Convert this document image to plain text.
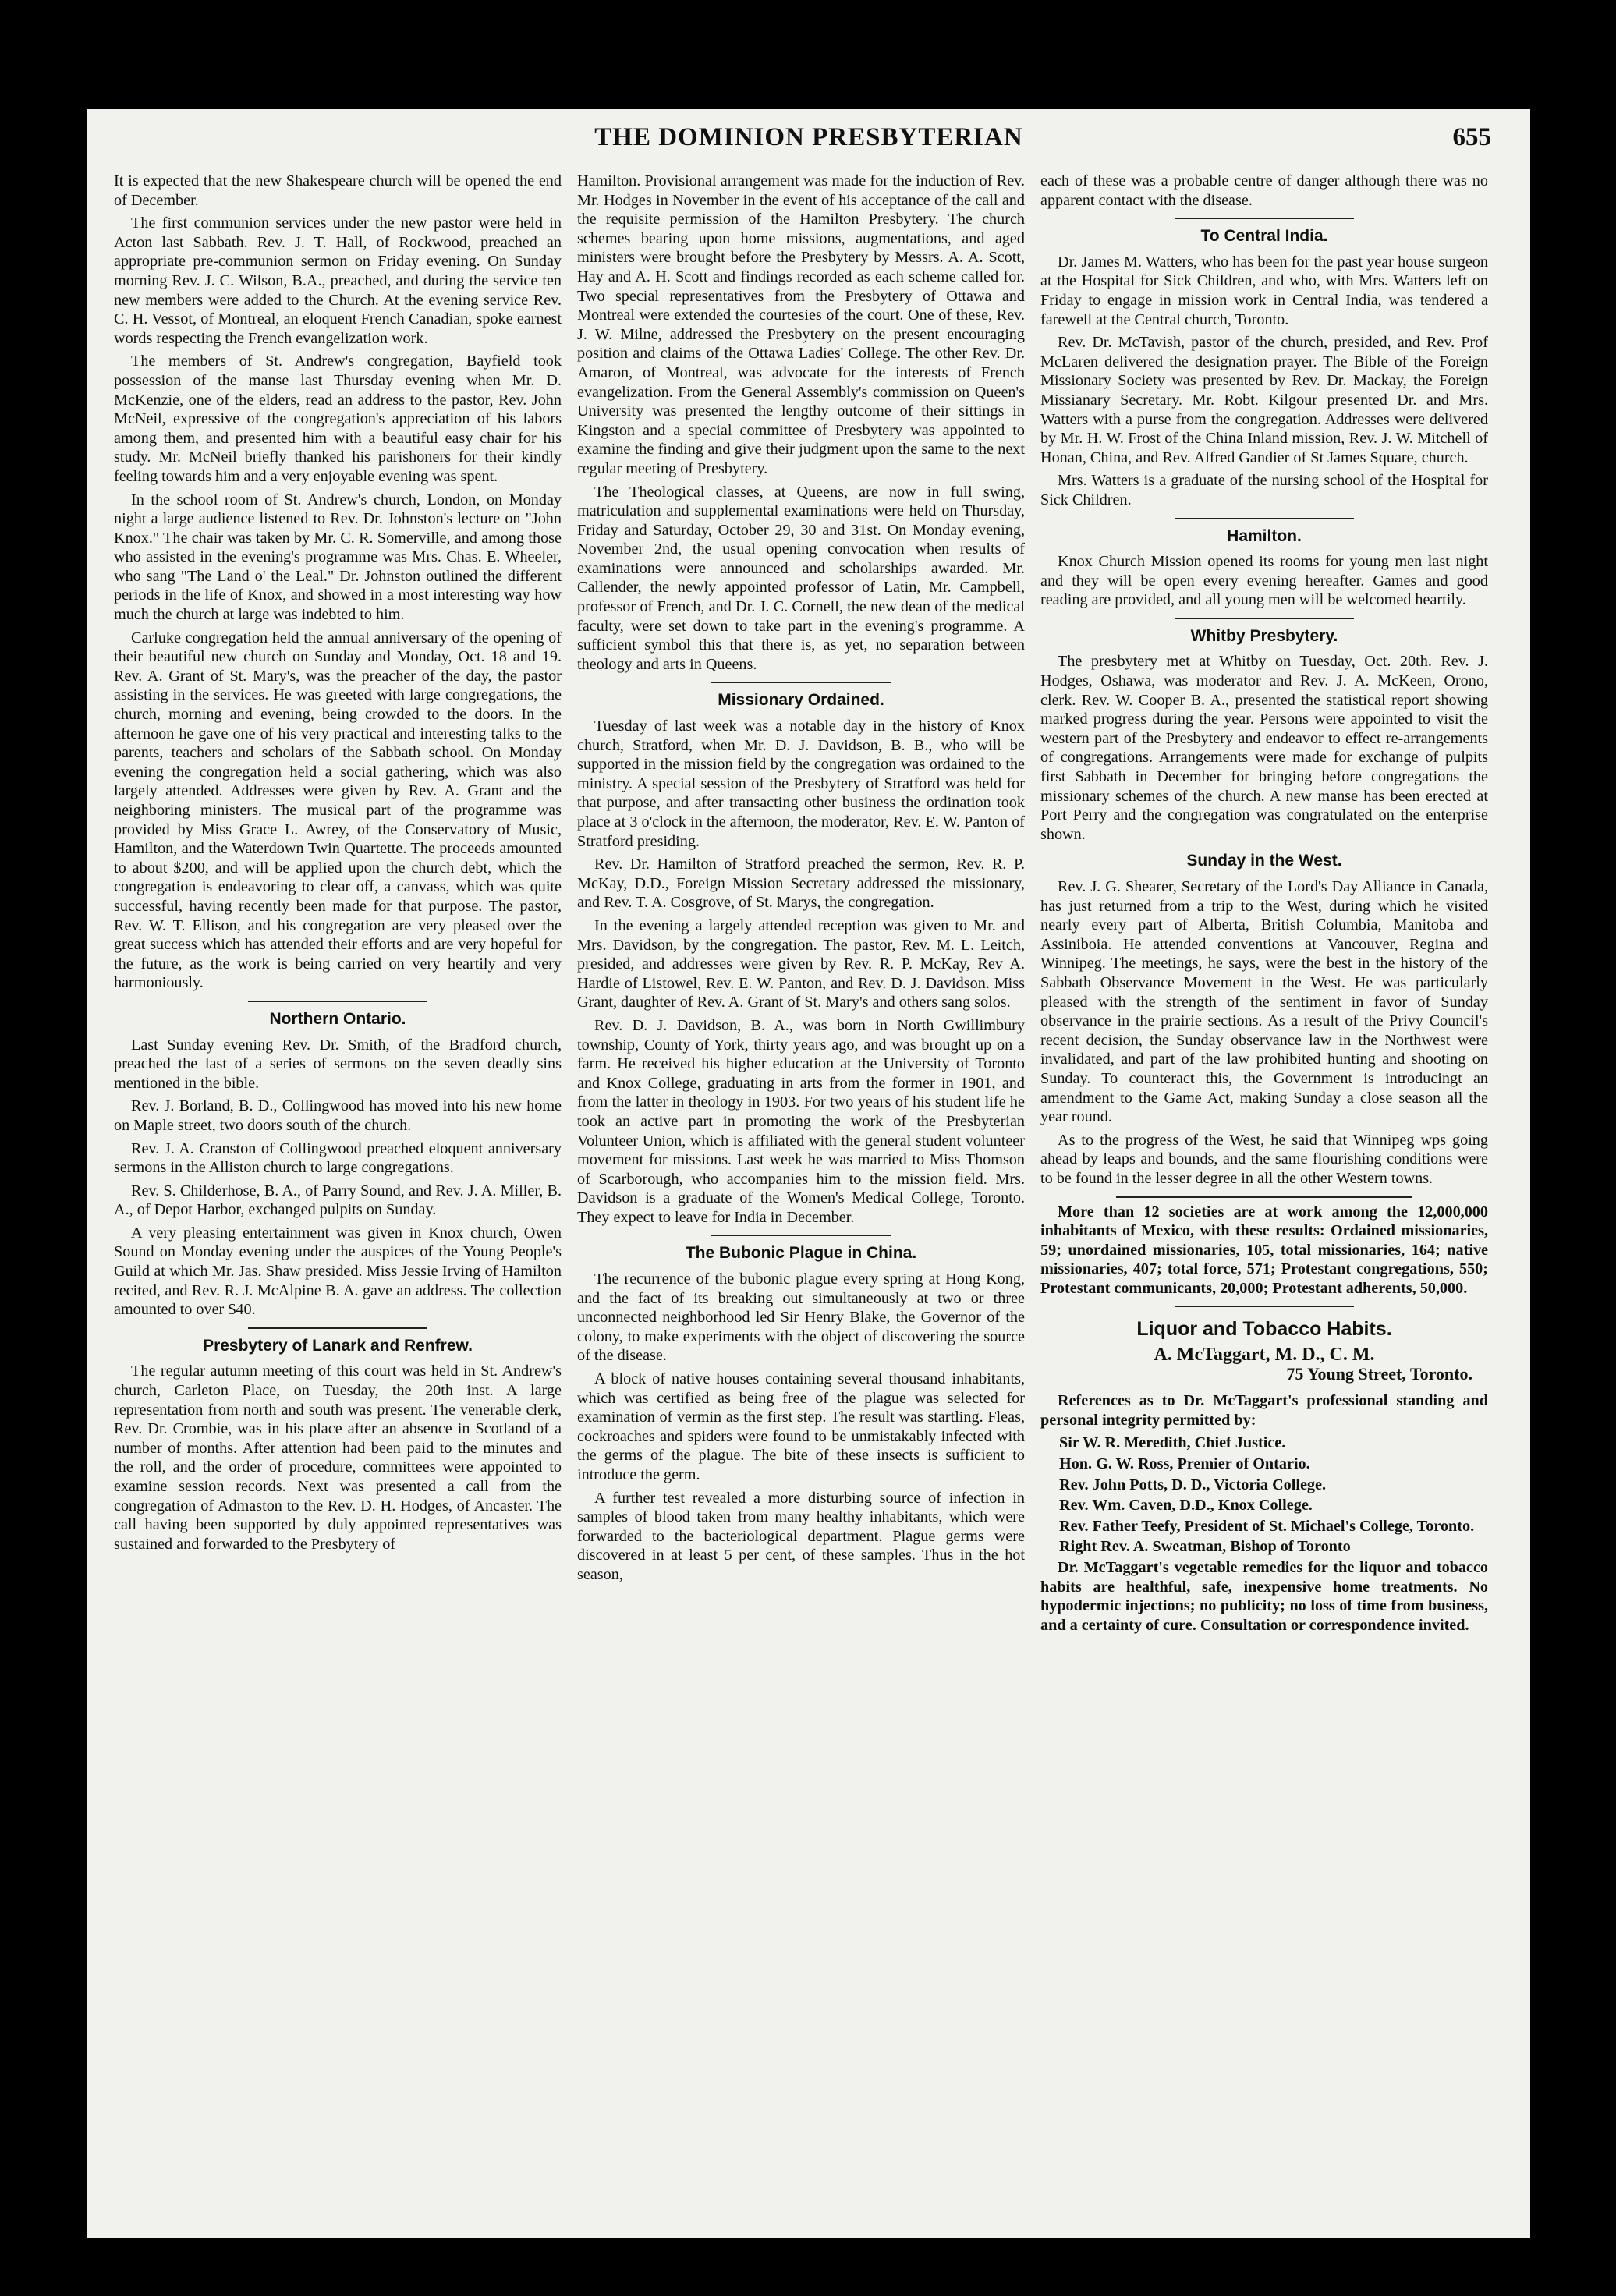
THE DOMINION PRESBYTERIAN	655

It is expected that the new Shakespeare church will be opened the end of December.

The first communion services under the new pastor were held in Acton last Sabbath. Rev. J. T. Hall, of Rockwood, preached an appropriate pre-communion sermon on Friday evening. On Sunday morning Rev. J. C. Wilson, B.A., preached, and during the service ten new members were added to the Church. At the evening service Rev. C. H. Vessot, of Montreal, an eloquent French Canadian, spoke earnest words respecting the French evangelization work.

The members of St. Andrew's congregation, Bayfield took possession of the manse last Thursday evening when Mr. D. McKenzie, one of the elders, read an address to the pastor, Rev. John McNeil, expressive of the congregation's appreciation of his labors among them, and presented him with a beautiful easy chair for his study. Mr. McNeil briefly thanked his parishoners for their kindly feeling towards him and a very enjoyable evening was spent.

In the school room of St. Andrew's church, London, on Monday night a large audience listened to Rev. Dr. Johnston's lecture on "John Knox." The chair was taken by Mr. C. R. Somerville, and among those who assisted in the evening's programme was Mrs. Chas. E. Wheeler, who sang "The Land o' the Leal." Dr. Johnston outlined the different periods in the life of Knox, and showed in a most interesting way how much the church at large was indebted to him.

Carluke congregation held the annual anniversary of the opening of their beautiful new church on Sunday and Monday, Oct. 18 and 19. Rev. A. Grant of St. Mary's, was the preacher of the day, the pastor assisting in the services. He was greeted with large congregations, the church, morning and evening, being crowded to the doors. In the afternoon he gave one of his very practical and interesting talks to the parents, teachers and scholars of the Sabbath school. On Monday evening the congregation held a social gathering, which was also largely attended. Addresses were given by Rev. A. Grant and the neighboring ministers. The musical part of the programme was provided by Miss Grace L. Awrey, of the Conservatory of Music, Hamilton, and the Waterdown Twin Quartette. The proceeds amounted to about $200, and will be applied upon the church debt, which the congregation is endeavoring to clear off, a canvass, which was quite successful, having recently been made for that purpose. The pastor, Rev. W. T. Ellison, and his congregation are very pleased over the great success which has attended their efforts and are very hopeful for the future, as the work is being carried on very heartily and very harmoniously.

Northern Ontario.

Last Sunday evening Rev. Dr. Smith, of the Bradford church, preached the last of a series of sermons on the seven deadly sins mentioned in the bible.

Rev. J. Borland, B. D., Collingwood has moved into his new home on Maple street, two doors south of the church.

Rev. J. A. Cranston of Collingwood preached eloquent anniversary sermons in the Alliston church to large congregations.

Rev. S. Childerhose, B. A., of Parry Sound, and Rev. J. A. Miller, B. A., of Depot Harbor, exchanged pulpits on Sunday.

A very pleasing entertainment was given in Knox church, Owen Sound on Monday evening under the auspices of the Young People's Guild at which Mr. Jas. Shaw presided. Miss Jessie Irving of Hamilton recited, and Rev. R. J. McAlpine B. A. gave an address. The collection amounted to over $40.

Presbytery of Lanark and Renfrew.

The regular autumn meeting of this court was held in St. Andrew's church, Carleton Place, on Tuesday, the 20th inst. A large representation from north and south was present. The venerable clerk, Rev. Dr. Crombie, was in his place after an absence in Scotland of a number of months. After attention had been paid to the minutes and the roll, and the order of procedure, committees were appointed to examine session records. Next was presented a call from the congregation of Admaston to the Rev. D. H. Hodges, of Ancaster. The call having been supported by duly appointed representatives was sustained and forwarded to the Presbytery of

Hamilton. Provisional arrangement was made for the induction of Rev. Mr. Hodges in November in the event of his acceptance of the call and the requisite permission of the Hamilton Presbytery. The church schemes bearing upon home missions, augmentations, and aged ministers were brought before the Presbytery by Messrs. A. A. Scott, Hay and A. H. Scott and findings recorded as each scheme called for. Two special representatives from the Presbytery of Ottawa and Montreal were extended the courtesies of the court. One of these, Rev. J. W. Milne, addressed the Presbytery on the present encouraging position and claims of the Ottawa Ladies' College. The other Rev. Dr. Amaron, of Montreal, was advocate for the interests of French evangelization. From the General Assembly's commission on Queen's University was presented the lengthy outcome of their sittings in Kingston and a special committee of Presbytery was appointed to examine the finding and give their judgment upon the same to the next regular meeting of Presbytery.

The Theological classes, at Queens, are now in full swing, matriculation and supplemental examinations were held on Thursday, Friday and Saturday, October 29, 30 and 31st. On Monday evening, November 2nd, the usual opening convocation when results of examinations were announced and scholarships awarded. Mr. Callender, the newly appointed professor of Latin, Mr. Campbell, professor of French, and Dr. J. C. Cornell, the new dean of the medical faculty, were set down to take part in the evening's programme. A sufficient symbol this that there is, as yet, no separation between theology and arts in Queens.

Missionary Ordained.

Tuesday of last week was a notable day in the history of Knox church, Stratford, when Mr. D. J. Davidson, B. B., who will be supported in the mission field by the congregation was ordained to the ministry. A special session of the Presbytery of Stratford was held for that purpose, and after transacting other business the ordination took place at 3 o'clock in the afternoon, the moderator, Rev. E. W. Panton of Stratford presiding.

Rev. Dr. Hamilton of Stratford preached the sermon, Rev. R. P. McKay, D.D., Foreign Mission Secretary addressed the missionary, and Rev. T. A. Cosgrove, of St. Marys, the congregation.

In the evening a largely attended reception was given to Mr. and Mrs. Davidson, by the congregation. The pastor, Rev. M. L. Leitch, presided, and addresses were given by Rev. R. P. McKay, Rev A. Hardie of Listowel, Rev. E. W. Panton, and Rev. D. J. Davidson. Miss Grant, daughter of Rev. A. Grant of St. Mary's and others sang solos.

Rev. D. J. Davidson, B. A., was born in North Gwillimbury township, County of York, thirty years ago, and was brought up on a farm. He received his higher education at the University of Toronto and Knox College, graduating in arts from the former in 1901, and from the latter in theology in 1903. For two years of his student life he took an active part in promoting the work of the Presbyterian Volunteer Union, which is affiliated with the general student volunteer movement for missions. Last week he was married to Miss Thomson of Scarborough, who accompanies him to the mission field. Mrs. Davidson is a graduate of the Women's Medical College, Toronto. They expect to leave for India in December.

The Bubonic Plague in China.

The recurrence of the bubonic plague every spring at Hong Kong, and the fact of its breaking out simultaneously at two or three unconnected neighborhood led Sir Henry Blake, the Governor of the colony, to make experiments with the object of discovering the source of the disease.

A block of native houses containing several thousand inhabitants, which was certified as being free of the plague was selected for examination of vermin as the first step. The result was startling. Fleas, cockroaches and spiders were found to be unmistakably infected with the germs of the plague. The bite of these insects is sufficient to introduce the germ.

A further test revealed a more disturbing source of infection in samples of blood taken from many healthy inhabitants, which were forwarded to the bacteriological department. Plague germs were discovered in at least 5 per cent, of these samples. Thus in the hot season,

each of these was a probable centre of danger although there was no apparent contact with the disease.

To Central India.

Dr. James M. Watters, who has been for the past year house surgeon at the Hospital for Sick Children, and who, with Mrs. Watters left on Friday to engage in mission work in Central India, was tendered a farewell at the Central church, Toronto.

Rev. Dr. McTavish, pastor of the church, presided, and Rev. Prof McLaren delivered the designation prayer. The Bible of the Foreign Missionary Society was presented by Rev. Dr. Mackay, the Foreign Missianary Secretary. Mr. Robt. Kilgour presented Dr. and Mrs. Watters with a purse from the congregation. Addresses were delivered by Mr. H. W. Frost of the China Inland mission, Rev. J. W. Mitchell of Honan, China, and Rev. Alfred Gandier of St James Square, church.

Mrs. Watters is a graduate of the nursing school of the Hospital for Sick Children.

Hamilton.

Knox Church Mission opened its rooms for young men last night and they will be open every evening hereafter. Games and good reading are provided, and all young men will be welcomed heartily.

Whitby Presbytery.

The presbytery met at Whitby on Tuesday, Oct. 20th. Rev. J. Hodges, Oshawa, was moderator and Rev. J. A. McKeen, Orono, clerk. Rev. W. Cooper B. A., presented the statistical report showing marked progress during the year. Persons were appointed to visit the western part of the Presbytery and endeavor to effect re-arrangements of congregations. Arrangements were made for exchange of pulpits first Sabbath in December for bringing before congregations the missionary schemes of the church. A new manse has been erected at Port Perry and the congregation was congratulated on the enterprise shown.

Sunday in the West.

Rev. J. G. Shearer, Secretary of the Lord's Day Alliance in Canada, has just returned from a trip to the West, during which he visited nearly every part of Alberta, British Columbia, Manitoba and Assiniboia. He attended conventions at Vancouver, Regina and Winnipeg. The meetings, he says, were the best in the history of the Sabbath Observance Movement in the West. He was particularly pleased with the strength of the sentiment in favor of Sunday observance in the prairie sections. As a result of the Privy Council's recent decision, the Sunday observance law in the Northwest were invalidated, and part of the law prohibited hunting and shooting on Sunday. To counteract this, the Government is introducingt an amendment to the Game Act, making Sunday a close season all the year round.

As to the progress of the West, he said that Winnipeg wps going ahead by leaps and bounds, and the same flourishing conditions were to be found in the lesser degree in all the other Western towns.

More than 12 societies are at work among the 12,000,000 inhabitants of Mexico, with these results: Ordained missionaries, 59; unordained missionaries, 105, total missionaries, 164; native missionaries, 407; total force, 571; Protestant congregations, 550; Protestant communicants, 20,000; Protestant adherents, 50,000.

Liquor and Tobacco Habits.

A. McTaggart, M. D., C. M.

75 Young Street, Toronto.

References as to Dr. McTaggart's professional standing and personal integrity permitted by:

Sir W. R. Meredith, Chief Justice.

Hon. G. W. Ross, Premier of Ontario.

Rev. John Potts, D. D., Victoria College.

Rev. Wm. Caven, D.D., Knox College.

Rev. Father Teefy, President of St. Michael's College, Toronto.

Right Rev. A. Sweatman, Bishop of Toronto

Dr. McTaggart's vegetable remedies for the liquor and tobacco habits are healthful, safe, inexpensive home treatments. No hypodermic injections; no publicity; no loss of time from business, and a certainty of cure. Consultation or correspondence invited.
